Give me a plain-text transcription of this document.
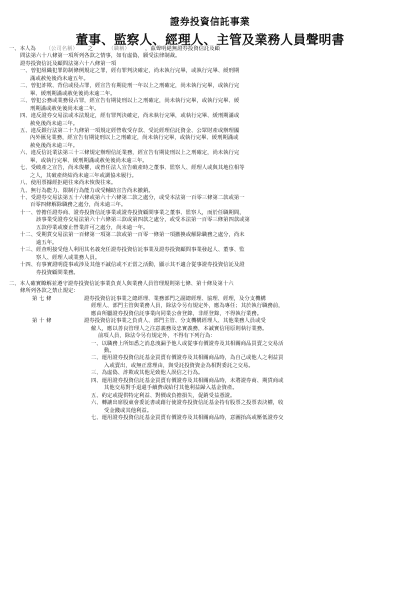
證券投資信託事業
董事、監察人、經理人、主管及業務人員聲明書
一、本人為 （公司名稱） 之	（職稱）	，茲聲明絕無證券投資信託及顧
問法第六十八條第一項所列各款之情事，如有虛偽，願受法律制裁。
證券投資信託及顧問法第六十八條第一項
一、曾犯組織犯罪防制條例規定之罪，經有罪判決確定，尚未執行完畢，或執行完畢、緩刑期
滿或赦免後尚未逾五年。
二、曾犯詐欺、背信或侵占罪，經宣告有期徒刑一年以上之刑確定，尚未執行完畢，或執行完
畢、緩刑期滿或赦免後尚未逾二年。
三、曾犯公務或業務侵占罪，經宣告有期徒刑以上之刑確定，尚未執行完畢，或執行完畢、緩
刑期滿或赦免後尚未逾二年。
四、違反證券交易法或本法規定，經有罪判決確定，尚未執行完畢，或執行完畢、緩刑期滿或
赦免後尚未逾三年。
五、違反銀行法第二十九條第一項規定經營收受存款、受託經理信託資金、公眾財產或辦理國
內外匯兌業務，經宣告有期徒刑以上之刑確定，尚未執行完畢，或執行完畢、緩刑期滿或
赦免後尚未逾三年。
六、違反信託業法第三十三條規定辦理信託業務，經宣告有期徒刑以上之刑確定，尚未執行完
畢，或執行完畢、緩刑期滿或赦免後尚未逾三年。
七、受破產之宣告，尚未復權，或曾任法人宣告破產時之董事、監察人、經理人或與其地位相等
之人，其破產終結尚未逾三年或調協未履行。
八、使用票據經拒絕往來尚未恢復往來。
九、無行為能力、限制行為能力或受輔助宣告尚未撤銷。
十、受證券交易法第五十六條或第六十六條第二款之處分，或受本法第一百零三條第二款或第一
百零四條解除職務之處分，尚未逾三年。
十一、曾擔任證券商、證券投資信託事業或證券投資顧問事業之董事、監察人，而於任職期間，
該事業受證券交易法第六十六條第三款或第四款之處分，或受本法第一百零三條第四款或第
五款停業或廢止營業許可之處分，尚未逾一年。
十二、受期貨交易法第一百條第一項第二款或第一百零一條第一項撤換或解除職務之處分，尚未
逾五年。
十三、經查明接受他人利用其名義充任證券投資信託事業及證券投資顧問事業發起人、董事、監
察人、經理人或業務人員。
十四、有事實證明從事或涉及其他不誠信或不正當之活動，顯示其不適合從事證券投資信託及證
券投資顧問業務。
二、本人確實瞭解並遵守證券投資信託事業負責人與業務人員管理規則第七條、第十條及第十六
條所列各款之禁止規定：
第 七 條	證券投資信託事業之總經理、業務部門之副總經理、協理、經理，及分支機構
經理人、部門主管與業務人員，除法令另有規定外，應為專任；其於執行職務前，
應由所屬證券投資信託事業向同業公會登錄，非經登錄，不得執行業務。
第 十 條	證券投資信託事業之負責人、部門主管、分支機構經理人、其他業務人員或受
僱人，應以善良管理人之注意義務及忠實義務，本誠實信用原則執行業務。
前項人員，除法令另有規定外，不得有下列行為：
一、以職務上所知悉之消息洩漏予他人或從事有價證券及其相關商品買賣之交易活
動。
二、運用證券投資信託基金買賣有價證券及其相關商品時，為自己或他人之利益買
入或賣出，或無正當理由，與受託投資資金為相對委託之交易。
三、為虛偽、詐欺或其他足致他人誤信之行為。
四、運用證券投資信託基金買賣有價證券及其相關商品時，未將證券商、期貨商或
其他交易對手退還手續費或給付其他利益歸入基金資產。
五、約定或提供特定利益、對價或負擔損失，促銷受益憑證。
六、轉讓出席股東會委託書或藉行使證券投資信託基金持有股票之投票表決權，收
受金錢或其他利益。
七、運用證券投資信託基金買賣有價證券及其相關商品時，意圖抬高或壓低證券交
